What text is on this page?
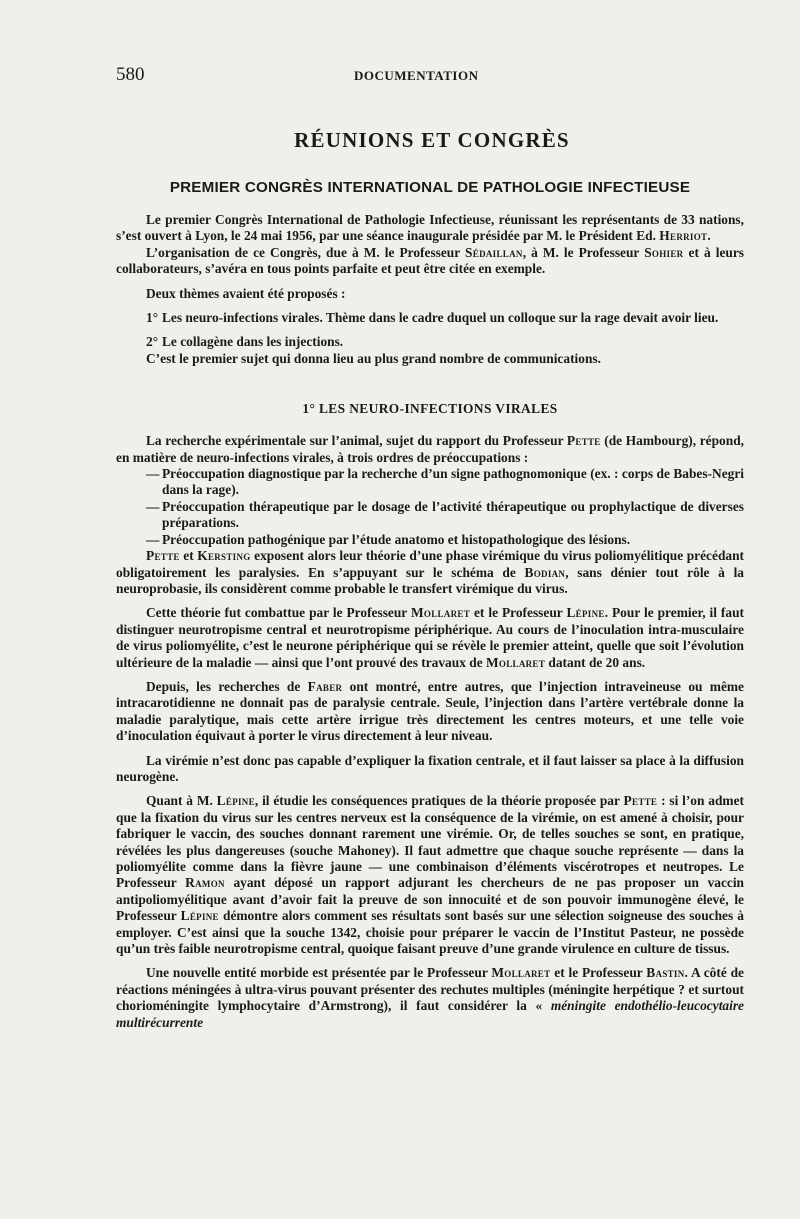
580	DOCUMENTATION
RÉUNIONS ET CONGRÈS
PREMIER CONGRÈS INTERNATIONAL DE PATHOLOGIE INFECTIEUSE

Le premier Congrès International de Pathologie Infectieuse, réunissant les représentants de 33 nations, s’est ouvert à Lyon, le 24 mai 1956, par une séance inaugurale présidée par M. le Président Ed. Herriot.

L’organisation de ce Congrès, due à M. le Professeur Sédaillan, à M. le Professeur Sohier et à leurs collaborateurs, s’avéra en tous points parfaite et peut être citée en exemple.

Deux thèmes avaient été proposés :

1° Les neuro-infections virales. Thème dans le cadre duquel un colloque sur la rage devait avoir lieu.

2° Le collagène dans les injections.

C’est le premier sujet qui donna lieu au plus grand nombre de communications.

1° LES NEURO-INFECTIONS VIRALES

La recherche expérimentale sur l’animal, sujet du rapport du Professeur Pette (de Hambourg), répond, en matière de neuro-infections virales, à trois ordres de préoccupations :

— Préoccupation diagnostique par la recherche d’un signe pathognomonique (ex. : corps de Babes-Negri dans la rage).

— Préoccupation thérapeutique par le dosage de l’activité thérapeutique ou prophylactique de diverses préparations.

— Préoccupation pathogénique par l’étude anatomo et histopathologique des lésions.

Pette et Kersting exposent alors leur théorie d’une phase virémique du virus poliomyélitique précédant obligatoirement les paralysies. En s’appuyant sur le schéma de Bodian, sans dénier tout rôle à la neuroprobasie, ils considèrent comme probable le transfert virémique du virus.

Cette théorie fut combattue par le Professeur Mollaret et le Professeur Lépine. Pour le premier, il faut distinguer neurotropisme central et neurotropisme périphérique. Au cours de l’inoculation intra-musculaire de virus poliomyélite, c’est le neurone périphérique qui se révèle le premier atteint, quelle que soit l’évolution ultérieure de la maladie — ainsi que l’ont prouvé des travaux de Mollaret datant de 20 ans.

Depuis, les recherches de Faber ont montré, entre autres, que l’injection intraveineuse ou même intracarotidienne ne donnait pas de paralysie centrale. Seule, l’injection dans l’artère vertébrale donne la maladie paralytique, mais cette artère irrigue très directement les centres moteurs, et une telle voie d’inoculation équivaut à porter le virus directement à leur niveau.

La virémie n’est donc pas capable d’expliquer la fixation centrale, et il faut laisser sa place à la diffusion neurogène.

Quant à M. Lépine, il étudie les conséquences pratiques de la théorie proposée par Pette : si l’on admet que la fixation du virus sur les centres nerveux est la conséquence de la virémie, on est amené à choisir, pour fabriquer le vaccin, des souches donnant rarement une virémie. Or, de telles souches se sont, en pratique, révélées les plus dangereuses (souche Mahoney). Il faut admettre que chaque souche représente — dans la poliomyélite comme dans la fièvre jaune — une combinaison d’éléments viscérotropes et neutropes. Le Professeur Ramon ayant déposé un rapport adjurant les chercheurs de ne pas proposer un vaccin antipoliomyélitique avant d’avoir fait la preuve de son innocuité et de son pouvoir immunogène élevé, le Professeur Lépine démontre alors comment ses résultats sont basés sur une sélection soigneuse des souches à employer. C’est ainsi que la souche 1342, choisie pour préparer le vaccin de l’Institut Pasteur, ne possède qu’un très faible neurotropisme central, quoique faisant preuve d’une grande virulence en culture de tissus.

Une nouvelle entité morbide est présentée par le Professeur Mollaret et le Professeur Bastin. A côté de réactions méningées à ultra-virus pouvant présenter des rechutes multiples (méningite herpétique ? et surtout chorioméningite lymphocytaire d’Armstrong), il faut considérer la « méningite endothélio-leucocytaire multirécurrente
